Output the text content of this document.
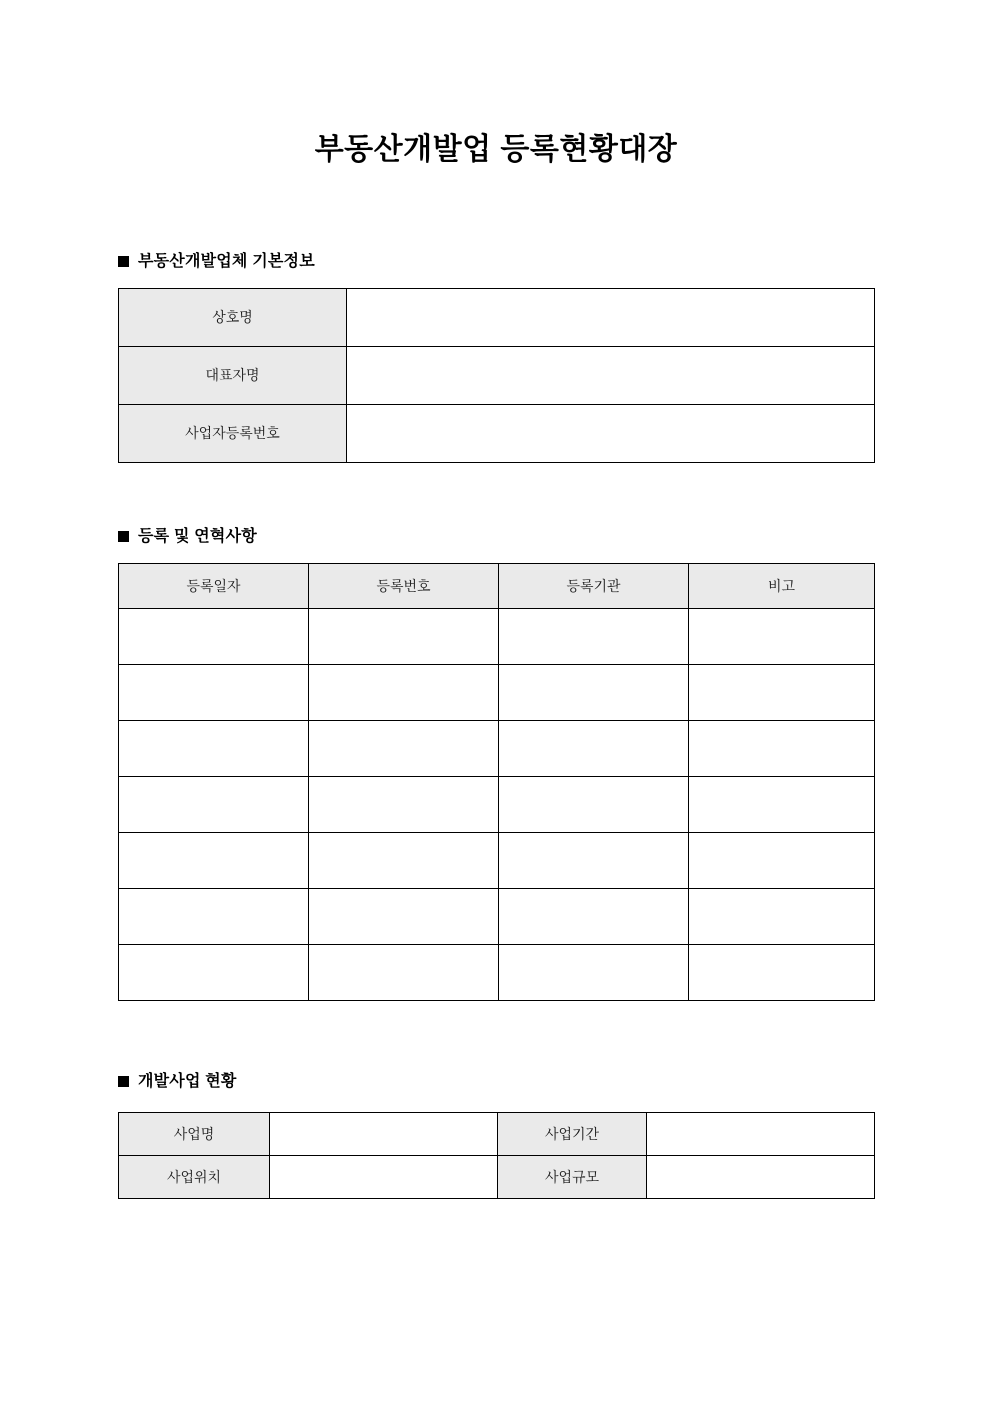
부동산개발업 등록현황대장
부동산개발업체 기본정보
상호명	
대표자명	
사업자등록번호	
등록 및 연혁사항
등록일자	등록번호	등록기관	비고

개발사업 현황
사업명		사업기간	
사업위치		사업규모	
